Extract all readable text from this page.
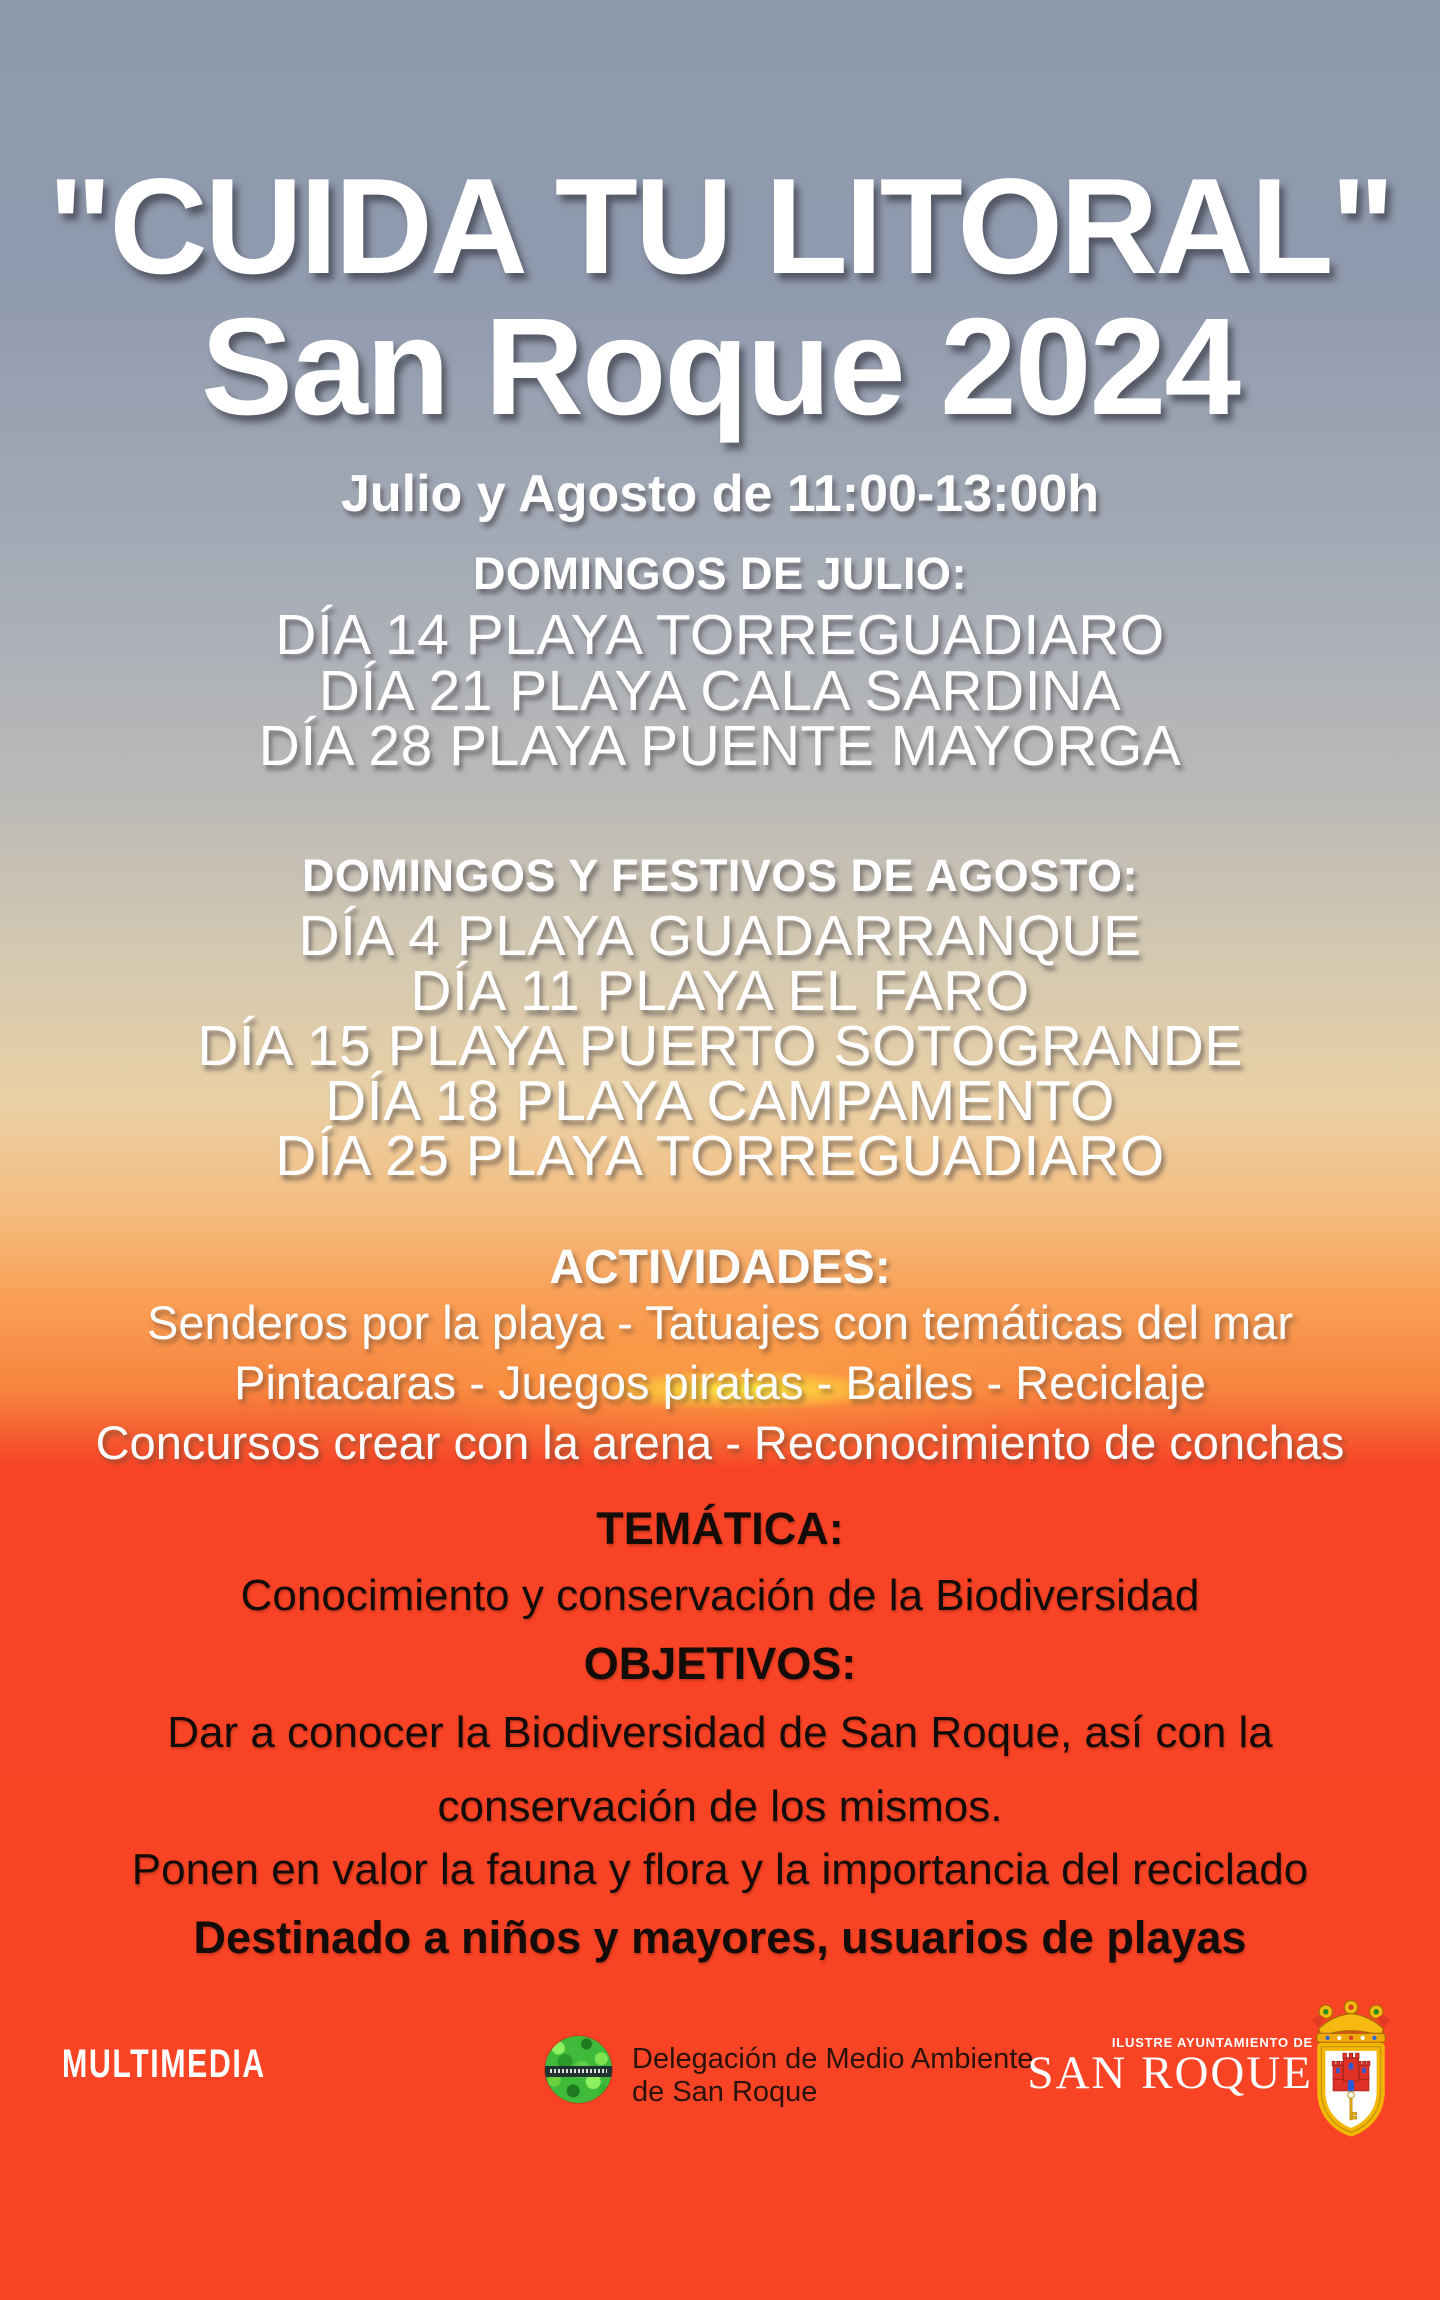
"CUIDA TU LITORAL"
San Roque 2024
Julio y Agosto de 11:00-13:00h
DOMINGOS DE JULIO:
DÍA 14 PLAYA TORREGUADIARO
DÍA 21 PLAYA CALA SARDINA
DÍA 28 PLAYA PUENTE MAYORGA
DOMINGOS Y FESTIVOS DE AGOSTO:
DÍA 4 PLAYA GUADARRANQUE
DÍA 11 PLAYA EL FARO
DÍA 15 PLAYA PUERTO SOTOGRANDE
DÍA 18 PLAYA CAMPAMENTO
DÍA 25 PLAYA TORREGUADIARO
ACTIVIDADES:
Senderos por la playa - Tatuajes con temáticas del mar
Pintacaras - Juegos piratas - Bailes - Reciclaje
Concursos crear con la arena - Reconocimiento de conchas
TEMÁTICA:
Conocimiento y conservación de la Biodiversidad
OBJETIVOS:
Dar a conocer la Biodiversidad de San Roque, así con la
conservación de los mismos.
Ponen en valor la fauna y flora y la importancia del reciclado
Destinado a niños y mayores, usuarios de playas
MULTIMEDIA	Delegación de Medio Ambiente
de San Roque
ILUSTRE AYUNTAMIENTO DE
SAN ROQUE
